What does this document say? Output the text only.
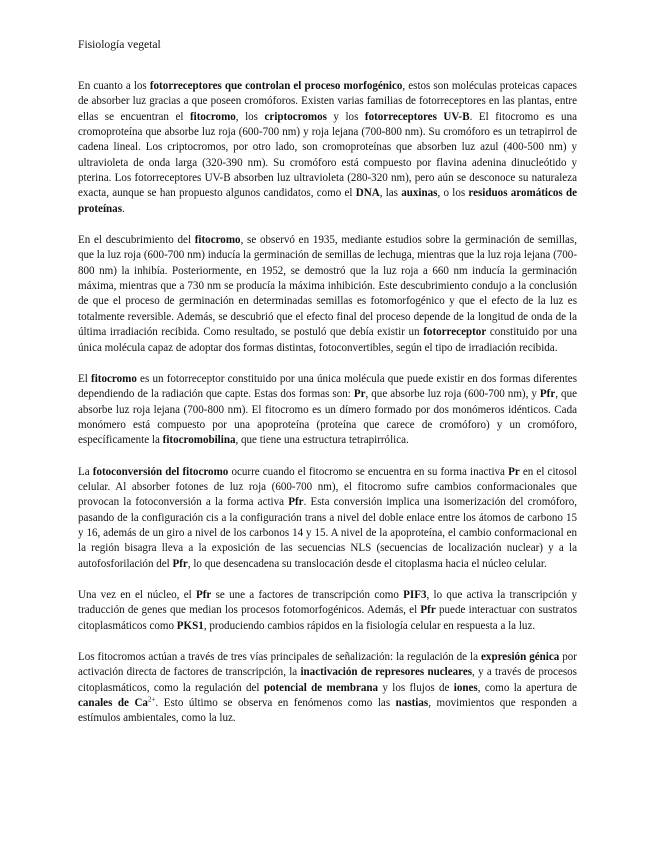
Fisiología vegetal

En cuanto a los fotorreceptores que controlan el proceso morfogénico, estos son moléculas proteicas capaces de absorber luz gracias a que poseen cromóforos. Existen varias familias de fotorreceptores en las plantas, entre ellas se encuentran el fitocromo, los criptocromos y los fotorreceptores UV-B. El fitocromo es una cromoproteína que absorbe luz roja (600-700 nm) y roja lejana (700-800 nm). Su cromóforo es un tetrapirrol de cadena lineal. Los criptocromos, por otro lado, son cromoproteínas que absorben luz azul (400-500 nm) y ultravioleta de onda larga (320-390 nm). Su cromóforo está compuesto por flavina adenina dinucleótido y pterina. Los fotorreceptores UV-B absorben luz ultravioleta (280-320 nm), pero aún se desconoce su naturaleza exacta, aunque se han propuesto algunos candidatos, como el DNA, las auxinas, o los residuos aromáticos de proteínas.

En el descubrimiento del fitocromo, se observó en 1935, mediante estudios sobre la germinación de semillas, que la luz roja (600-700 nm) inducía la germinación de semillas de lechuga, mientras que la luz roja lejana (700-800 nm) la inhibía. Posteriormente, en 1952, se demostró que la luz roja a 660 nm inducía la germinación máxima, mientras que a 730 nm se producía la máxima inhibición. Este descubrimiento condujo a la conclusión de que el proceso de germinación en determinadas semillas es fotomorfogénico y que el efecto de la luz es totalmente reversible. Además, se descubrió que el efecto final del proceso depende de la longitud de onda de la última irradiación recibida. Como resultado, se postuló que debía existir un fotorreceptor constituido por una única molécula capaz de adoptar dos formas distintas, fotoconvertibles, según el tipo de irradiación recibida.

El fitocromo es un fotorreceptor constituido por una única molécula que puede existir en dos formas diferentes dependiendo de la radiación que capte. Estas dos formas son: Pr, que absorbe luz roja (600-700 nm), y Pfr, que absorbe luz roja lejana (700-800 nm). El fitocromo es un dímero formado por dos monómeros idénticos. Cada monómero está compuesto por una apoproteína (proteína que carece de cromóforo) y un cromóforo, específicamente la fitocromobilina, que tiene una estructura tetrapirrólica.

La fotoconversión del fitocromo ocurre cuando el fitocromo se encuentra en su forma inactiva Pr en el citosol celular. Al absorber fotones de luz roja (600-700 nm), el fitocromo sufre cambios conformacionales que provocan la fotoconversión a la forma activa Pfr. Esta conversión implica una isomerización del cromóforo, pasando de la configuración cis a la configuración trans a nivel del doble enlace entre los átomos de carbono 15 y 16, además de un giro a nivel de los carbonos 14 y 15. A nivel de la apoproteína, el cambio conformacional en la región bisagra lleva a la exposición de las secuencias NLS (secuencias de localización nuclear) y a la autofosforilación del Pfr, lo que desencadena su translocación desde el citoplasma hacia el núcleo celular.

Una vez en el núcleo, el Pfr se une a factores de transcripción como PIF3, lo que activa la transcripción y traducción de genes que median los procesos fotomorfogénicos. Además, el Pfr puede interactuar con sustratos citoplasmáticos como PKS1, produciendo cambios rápidos en la fisiología celular en respuesta a la luz.

Los fitocromos actúan a través de tres vías principales de señalización: la regulación de la expresión génica por activación directa de factores de transcripción, la inactivación de represores nucleares, y a través de procesos citoplasmáticos, como la regulación del potencial de membrana y los flujos de iones, como la apertura de canales de $Ca^{2+}$. Esto último se observa en fenómenos como las nastias, movimientos que responden a estímulos ambientales, como la luz.
